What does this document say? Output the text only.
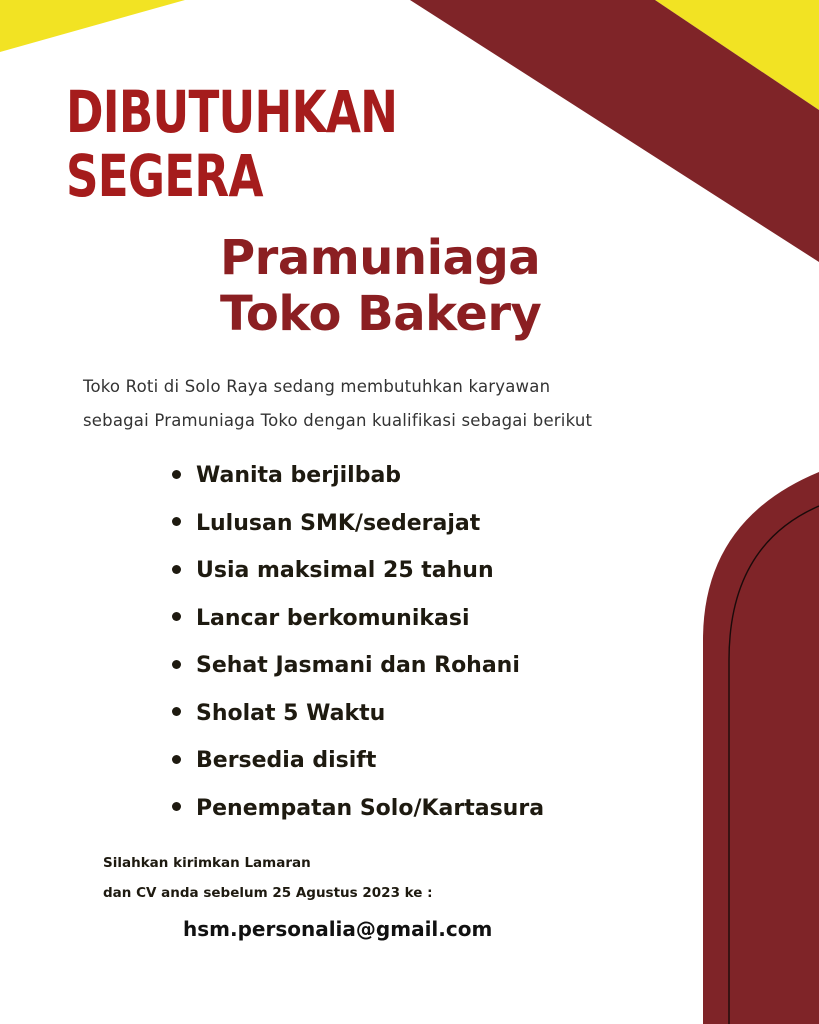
DIBUTUHKAN
SEGERA
Pramuniaga
Toko Bakery

Toko Roti di Solo Raya sedang membutuhkan karyawan
sebagai Pramuniaga Toko dengan kualifikasi sebagai berikut

Wanita berjilbab
Lulusan SMK/sederajat
Usia maksimal 25 tahun
Lancar berkomunikasi
Sehat Jasmani dan Rohani
Sholat 5 Waktu
Bersedia disift
Penempatan Solo/Kartasura

Silahkan kirimkan Lamaran
dan CV anda sebelum 25 Agustus 2023 ke :

hsm.personalia@gmail.com
